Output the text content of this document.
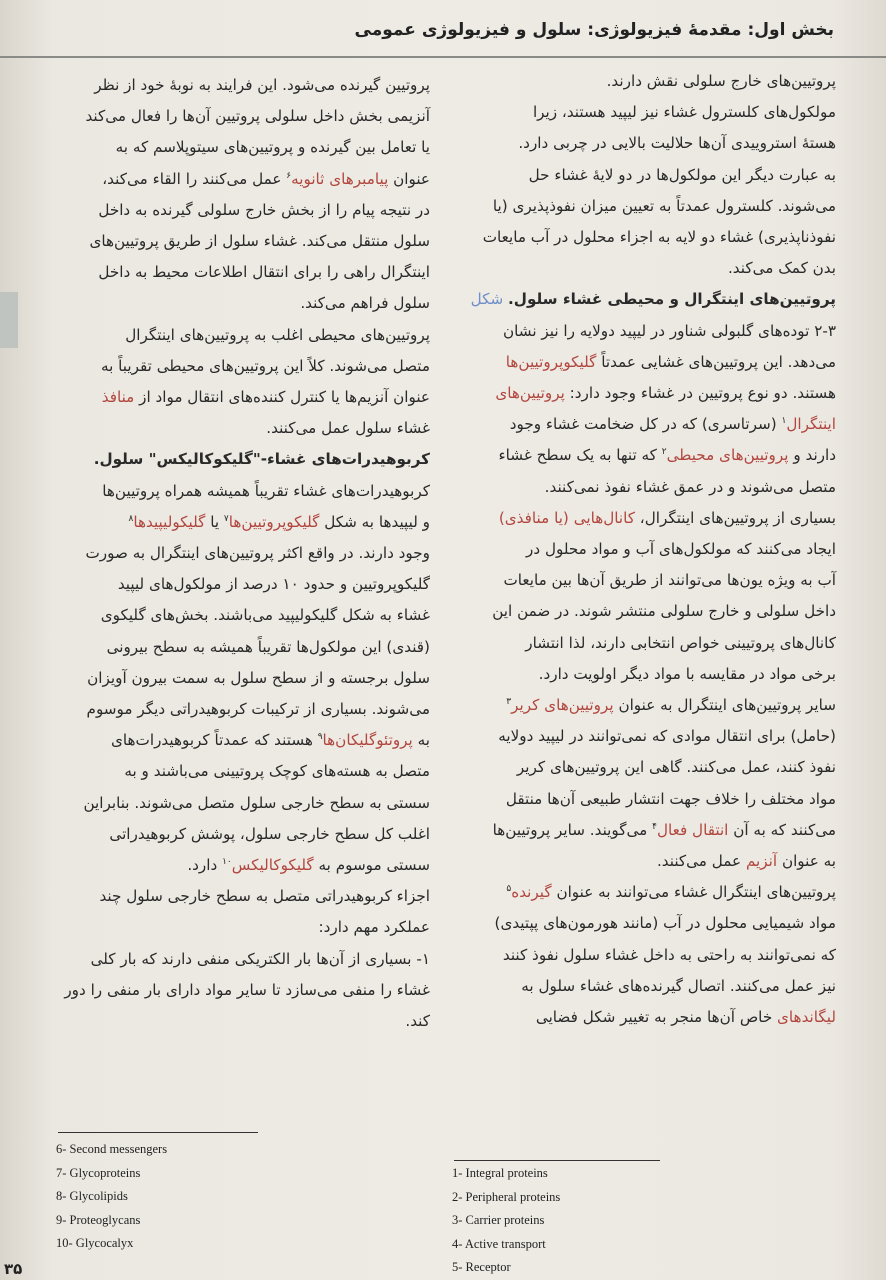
بخش اول: مقدمهٔ فیزیولوژی: سلول و فیزیولوژی عمومی

پروتیین‌های خارج سلولی نقش دارند.

مولکول‌های کلسترول غشاء نیز لیپید هستند، زیرا

هستهٔ استروییدی آن‌ها حلالیت بالایی در چربی دارد.

به عبارت دیگر این مولکول‌ها در دو لایهٔ غشاء حل

می‌شوند. کلسترول عمدتاً به تعیین میزان نفوذپذیری (یا

نفوذناپذیری) غشاء دو لایه به اجزاء محلول در آب مایعات

بدن کمک می‌کند.

پروتیین‌های اینتگرال و محیطی غشاء سلول. شکل

۲-۳ توده‌های گلبولی شناور در لیپید دولایه را نیز نشان

می‌دهد. این پروتیین‌های غشایی عمدتاً گلیکوپروتیین‌ها

هستند. دو نوع پروتیین در غشاء وجود دارد: پروتیین‌های

اینتگرال$^۱$ (سرتاسری) که در کل ضخامت غشاء وجود

دارند و پروتیین‌های محیطی$^۲$ که تنها به یک سطح غشاء

متصل می‌شوند و در عمق غشاء نفوذ نمی‌کنند.

بسیاری از پروتیین‌های اینتگرال، کانال‌هایی (یا منافذی)

ایجاد می‌کنند که مولکول‌های آب و مواد محلول در

آب به ویژه یون‌ها می‌توانند از طریق آن‌ها بین مایعات

داخل سلولی و خارج سلولی منتشر شوند. در ضمن این

کانال‌های پروتیینی خواص انتخابی دارند، لذا انتشار

برخی مواد در مقایسه با مواد دیگر اولویت دارد.

سایر پروتیین‌های اینتگرال به عنوان پروتیین‌های کریر$^۳$

(حامل) برای انتقال موادی که نمی‌توانند در لیپید دولایه

نفوذ کنند، عمل می‌کنند. گاهی این پروتیین‌های کریر

مواد مختلف را خلاف جهت انتشار طبیعی آن‌ها منتقل

می‌کنند که به آن انتقال فعال$^۴$ می‌گویند. سایر پروتیین‌ها

به عنوان آنزیم عمل می‌کنند.

پروتیین‌های اینتگرال غشاء می‌توانند به عنوان گیرنده$^۵$

مواد شیمیایی محلول در آب (مانند هورمون‌های پپتیدی)

که نمی‌توانند به راحتی به داخل غشاء سلول نفوذ کنند

نیز عمل می‌کنند. اتصال گیرنده‌های غشاء سلول به

لیگاندهای خاص آن‌ها منجر به تغییر شکل فضایی

پروتیین گیرنده می‌شود. این فرایند به نوبهٔ خود از نظر

آنزیمی بخش داخل سلولی پروتیین آن‌ها را فعال می‌کند

یا تعامل بین گیرنده و پروتیین‌های سیتوپلاسم که به

عنوان پیامبرهای ثانویه$^۶$ عمل می‌کنند را القاء می‌کند،

در نتیجه پیام را از بخش خارج سلولی گیرنده به داخل

سلول منتقل می‌کند. غشاء سلول از طریق پروتیین‌های

اینتگرال راهی را برای انتقال اطلاعات محیط به داخل

سلول فراهم می‌کند.

پروتیین‌های محیطی اغلب به پروتیین‌های اینتگرال

متصل می‌شوند. کلاً این پروتیین‌های محیطی تقریباً به

عنوان آنزیم‌ها یا کنترل کننده‌های انتقال مواد از منافذ

غشاء سلول عمل می‌کنند.

کربوهیدرات‌های غشاء-"گلیکوکالیکس" سلول.

کربوهیدرات‌های غشاء تقریباً همیشه همراه پروتیین‌ها

و لیپیدها به شکل گلیکوپروتیین‌ها$^۷$ یا گلیکولیپیدها$^۸$

وجود دارند. در واقع اکثر پروتیین‌های اینتگرال به صورت

گلیکوپروتیین و حدود ۱۰ درصد از مولکول‌های لیپید

غشاء به شکل گلیکولیپید می‌باشند. بخش‌های گلیکوی

(قندی) این مولکول‌ها تقریباً همیشه به سطح بیرونی

سلول برجسته و از سطح سلول به سمت بیرون آویزان

می‌شوند. بسیاری از ترکیبات کربوهیدراتی دیگر موسوم

به پروتئوگلیکان‌ها$^۹$ هستند که عمدتاً کربوهیدرات‌های

متصل به هسته‌های کوچک پروتیینی می‌باشند و به

سستی به سطح خارجی سلول متصل می‌شوند. بنابراین

اغلب کل سطح خارجی سلول، پوشش کربوهیدراتی

سستی موسوم به گلیکوکالیکس$^{۱۰}$ دارد.

اجزاء کربوهیدراتی متصل به سطح خارجی سلول چند

عملکرد مهم دارد:

۱- بسیاری از آن‌ها بار الکتریکی منفی دارند که بار کلی

غشاء را منفی می‌سازد تا سایر مواد دارای بار منفی را دور

کند.

6- Second messengers
7- Glycoproteins
8- Glycolipids
9- Proteoglycans
10- Glycocalyx
1- Integral proteins
2- Peripheral proteins
3- Carrier proteins
4- Active transport
5- Receptor
۳۵
